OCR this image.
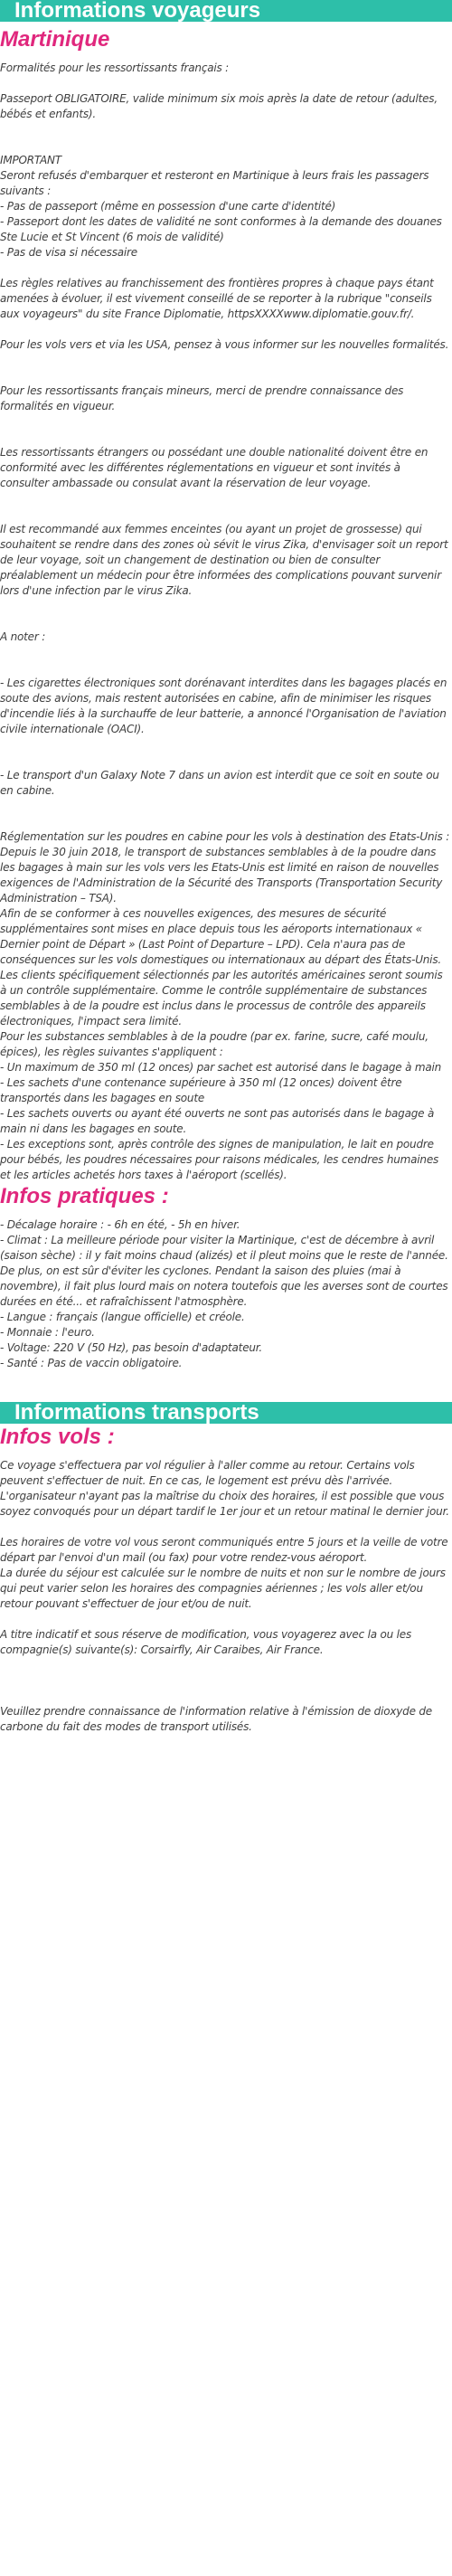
Informations voyageurs
Martinique

Formalités pour les ressortissants français :

Passeport OBLIGATOIRE, valide minimum six mois après la date de retour (adultes, bébés et enfants).

IMPORTANT
Seront refusés d'embarquer et resteront en Martinique à leurs frais les passagers suivants :
- Pas de passeport (même en possession d'une carte d'identité)
- Passeport dont les dates de validité ne sont conformes à la demande des douanes Ste Lucie et St Vincent (6 mois de validité)
- Pas de visa si nécessaire

Les règles relatives au franchissement des frontières propres à chaque pays étant amenées à évoluer, il est vivement conseillé de se reporter à la rubrique "conseils aux voyageurs" du site France Diplomatie, httpsXXXXwww.diplomatie.gouv.fr/.

Pour les vols vers et via les USA, pensez à vous informer sur les nouvelles formalités.

Pour les ressortissants français mineurs, merci de prendre connaissance des formalités en vigueur.

Les ressortissants étrangers ou possédant une double nationalité doivent être en conformité avec les différentes réglementations en vigueur et sont invités à consulter ambassade ou consulat avant la réservation de leur voyage.

Il est recommandé aux femmes enceintes (ou ayant un projet de grossesse) qui souhaitent se rendre dans des zones où sévit le virus Zika, d'envisager soit un report de leur voyage, soit un changement de destination ou bien de consulter préalablement un médecin pour être informées des complications pouvant survenir lors d'une infection par le virus Zika.

A noter :

- Les cigarettes électroniques sont dorénavant interdites dans les bagages placés en soute des avions, mais restent autorisées en cabine, afin de minimiser les risques d'incendie liés à la surchauffe de leur batterie, a annoncé l'Organisation de l'aviation civile internationale (OACI).

- Le transport d'un Galaxy Note 7 dans un avion est interdit que ce soit en soute ou en cabine.

Réglementation sur les poudres en cabine pour les vols à destination des Etats-Unis :
Depuis le 30 juin 2018, le transport de substances semblables à de la poudre dans les bagages à main sur les vols vers les Etats-Unis est limité en raison de nouvelles exigences de l'Administration de la Sécurité des Transports (Transportation Security Administration – TSA).
Afin de se conformer à ces nouvelles exigences, des mesures de sécurité supplémentaires sont mises en place depuis tous les aéroports internationaux « Dernier point de Départ » (Last Point of Departure – LPD). Cela n'aura pas de conséquences sur les vols domestiques ou internationaux au départ des États-Unis.
Les clients spécifiquement sélectionnés par les autorités américaines seront soumis à un contrôle supplémentaire. Comme le contrôle supplémentaire de substances semblables à de la poudre est inclus dans le processus de contrôle des appareils électroniques, l'impact sera limité.
Pour les substances semblables à de la poudre (par ex. farine, sucre, café moulu, épices), les règles suivantes s'appliquent :
- Un maximum de 350 ml (12 onces) par sachet est autorisé dans le bagage à main
- Les sachets d'une contenance supérieure à 350 ml (12 onces) doivent être transportés dans les bagages en soute
- Les sachets ouverts ou ayant été ouverts ne sont pas autorisés dans le bagage à main ni dans les bagages en soute.
- Les exceptions sont, après contrôle des signes de manipulation, le lait en poudre pour bébés, les poudres nécessaires pour raisons médicales, les cendres humaines et les articles achetés hors taxes à l'aéroport (scellés).

Infos pratiques :

- Décalage horaire : - 6h en été, - 5h en hiver.
- Climat : La meilleure période pour visiter la Martinique, c'est de décembre à avril (saison sèche) : il y fait moins chaud (alizés) et il pleut moins que le reste de l'année. De plus, on est sûr d'éviter les cyclones. Pendant la saison des pluies (mai à novembre), il fait plus lourd mais on notera toutefois que les averses sont de courtes durées en été... et rafraîchissent l'atmosphère.
- Langue : français (langue officielle) et créole.
- Monnaie : l'euro.
- Voltage: 220 V (50 Hz), pas besoin d'adaptateur.
- Santé : Pas de vaccin obligatoire.

Informations transports
Infos vols :

Ce voyage s'effectuera par vol régulier à l'aller comme au retour. Certains vols peuvent s'effectuer de nuit. En ce cas, le logement est prévu dès l'arrivée. L'organisateur n'ayant pas la maîtrise du choix des horaires, il est possible que vous soyez convoqués pour un départ tardif le 1er jour et un retour matinal le dernier jour.

Les horaires de votre vol vous seront communiqués entre 5 jours et la veille de votre départ par l'envoi d'un mail (ou fax) pour votre rendez-vous aéroport.
La durée du séjour est calculée sur le nombre de nuits et non sur le nombre de jours qui peut varier selon les horaires des compagnies aériennes ; les vols aller et/ou retour pouvant s'effectuer de jour et/ou de nuit.

A titre indicatif et sous réserve de modification, vous voyagerez avec la ou les compagnie(s) suivante(s): Corsairfly, Air Caraibes, Air France.

Veuillez prendre connaissance de l'information relative à l'émission de dioxyde de carbone du fait des modes de transport utilisés.
